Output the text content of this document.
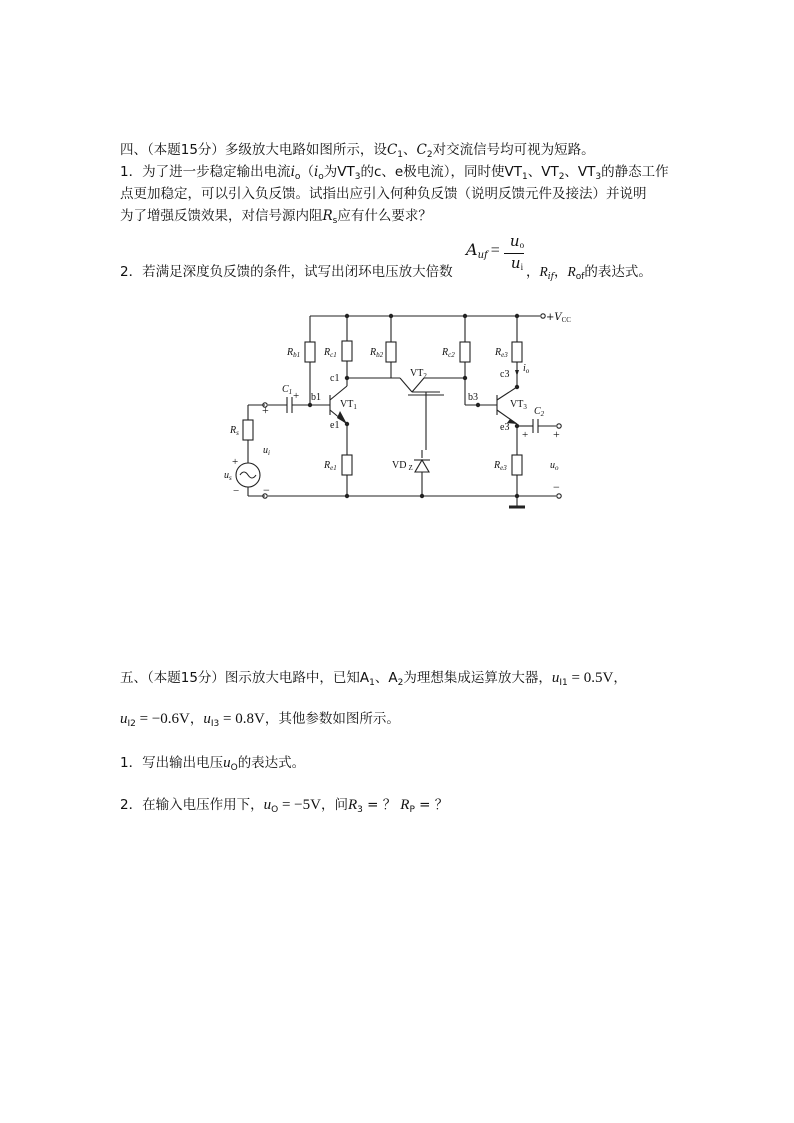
四、（本题15分）多级放大电路如图所示，设$C_1$、$C_2$对交流信号均可视为短路。
1．为了进一步稳定输出电流$i_o(i_o$为$VT_3$的c、e极电流），同时使$VT_1$、$VT_2$、$VT_3$的静态工作
点更加稳定，可以引入负反馈。试指出应引入何种负反馈（说明反馈元件及接法）并说明
为了增强反馈效果，对信号源内阻$R_s$应有什么要求？
2．若满足深度负反馈的条件，试写出闭环电压放大倍数
Auf =
uo
ui ，$R_{if}$，$R_{of}$的表达式。
$+V_{CC}$
$R_{b1}$ $R_{c1}$	$R_{b2}$	$R_{c2}$	$R_{e3}$
c1
b1
e1
b3
c3
e3
$VT_1$
$VT_2$
$VT_3$
$C_1$
$C_2$
$i_o$
$R_s$
$u_i$
$u_s$
$R_{e1}$	VD $_Z$	$R_{e3}$	$u_o$
+
−
+
−
+
+ +
−
五、（本题15分）图示放大电路中，已知$A_1$、$A_2$为理想集成运算放大器，$u_{I1} = 0.5V$，
$u_{I2} = -0.6V$，$u_{I3} = 0.8V$，其他参数如图所示。
1．写出输出电压$u_O$的表达式。
2．在输入电压作用下，$u_O = -5V$，问$R_3$ = ？ $R_P$ = ？
